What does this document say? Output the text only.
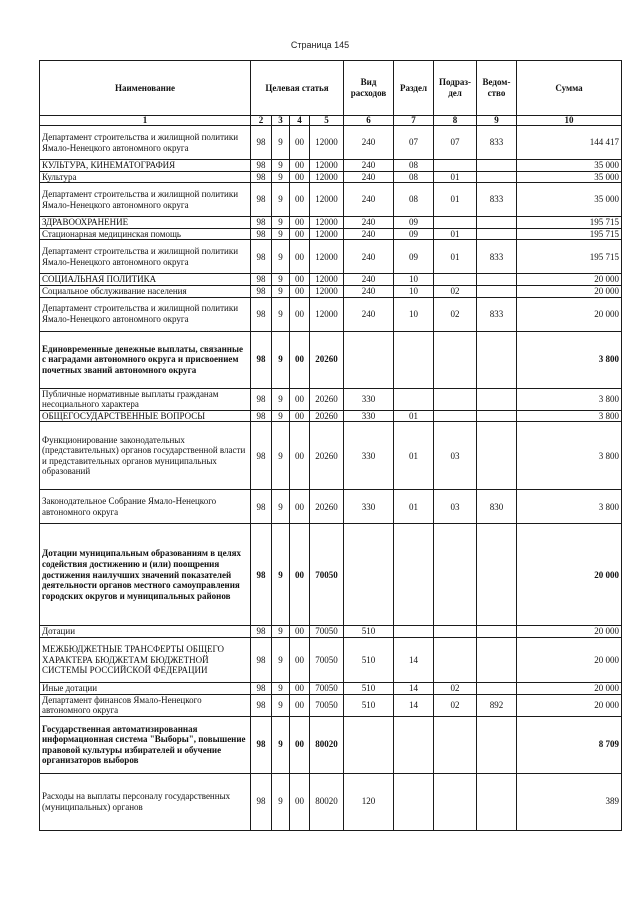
Страница 145
Наименование	Целевая статья				Вид расходов	Раздел	Подраз-дел	Ведом-ство	Сумма
1	2	3	4	5	6	7	8	9	10
Департамент строительства и жилищной политики Ямало-Ненецкого автономного округа	98	9	00	12000	240	07	07	833	144 417
КУЛЬТУРА, КИНЕМАТОГРАФИЯ	98	9	00	12000	240	08			35 000
Культура	98	9	00	12000	240	08	01		35 000
Департамент строительства и жилищной политики Ямало-Ненецкого автономного округа	98	9	00	12000	240	08	01	833	35 000
ЗДРАВООХРАНЕНИЕ	98	9	00	12000	240	09			195 715
Стационарная медицинская помощь	98	9	00	12000	240	09	01		195 715
Департамент строительства и жилищной политики Ямало-Ненецкого автономного округа	98	9	00	12000	240	09	01	833	195 715
СОЦИАЛЬНАЯ ПОЛИТИКА	98	9	00	12000	240	10			20 000
Социальное обслуживание населения	98	9	00	12000	240	10	02		20 000
Департамент строительства и жилищной политики Ямало-Ненецкого автономного округа	98	9	00	12000	240	10	02	833	20 000
Единовременные денежные выплаты, связанные с наградами автономного округа и присвоением почетных званий автономного округа	98	9	00	20260					3 800
Публичные нормативные выплаты гражданам несоциального характера	98	9	00	20260	330				3 800
ОБЩЕГОСУДАРСТВЕННЫЕ ВОПРОСЫ	98	9	00	20260	330	01			3 800
Функционирование законодательных (представительных) органов государственной власти и представительных органов муниципальных образований	98	9	00	20260	330	01	03		3 800
Законодательное Собрание Ямало-Ненецкого автономного округа	98	9	00	20260	330	01	03	830	3 800
Дотации муниципальным образованиям в целях содействия достижению и (или) поощрения достижения наилучших значений показателей деятельности органов местного самоуправления городских округов и муниципальных районов	98	9	00	70050					20 000
Дотации	98	9	00	70050	510				20 000
МЕЖБЮДЖЕТНЫЕ ТРАНСФЕРТЫ ОБЩЕГО ХАРАКТЕРА БЮДЖЕТАМ БЮДЖЕТНОЙ СИСТЕМЫ РОССИЙСКОЙ ФЕДЕРАЦИИ	98	9	00	70050	510	14			20 000
Иные дотации	98	9	00	70050	510	14	02		20 000
Департамент финансов Ямало-Ненецкого автономного округа	98	9	00	70050	510	14	02	892	20 000
Государственная автоматизированная информационная система "Выборы", повышение правовой культуры избирателей и обучение организаторов выборов	98	9	00	80020					8 709
Расходы на выплаты персоналу государственных (муниципальных) органов	98	9	00	80020	120				389
